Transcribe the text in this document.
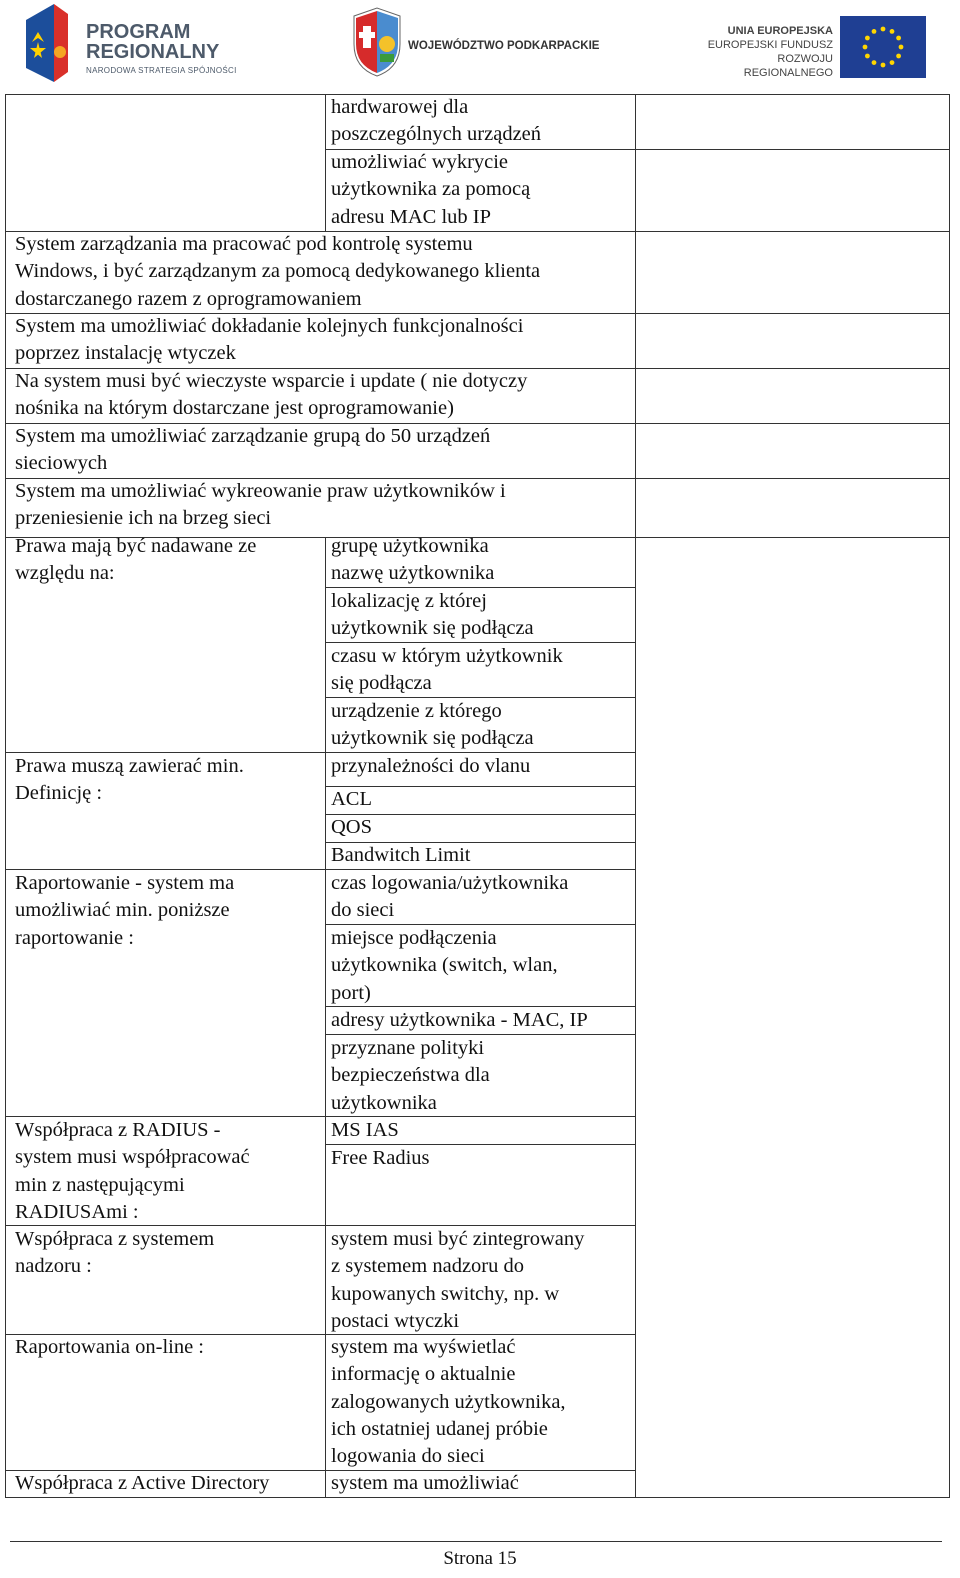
PROGRAM
REGIONALNY
NARODOWA STRATEGIA SPÓJNOŚCI
WOJEWÓDZTWO PODKARPACKIE
UNIA EUROPEJSKA
EUROPEJSKI FUNDUSZ
ROZWOJU REGIONALNEGO
hardwarowej dla
poszczególnych urządzeń
umożliwiać wykrycie
użytkownika za pomocą
adresu MAC lub IP
System zarządzania ma pracować pod kontrolę systemu
Windows, i być zarządzanym za pomocą dedykowanego klienta
dostarczanego razem z oprogramowaniem
System ma umożliwiać dokładanie kolejnych funkcjonalności
poprzez instalację wtyczek
Na system musi być wieczyste wsparcie i update ( nie dotyczy
nośnika na którym dostarczane jest oprogramowanie)
System ma umożliwiać zarządzanie grupą do 50 urządzeń
sieciowych
System ma umożliwiać wykreowanie praw użytkowników i
przeniesienie ich na brzeg sieci
Prawa mają być nadawane ze
względu na:
grupę użytkownika
nazwę użytkownika
lokalizację z której
użytkownik się podłącza
czasu w którym użytkownik
się podłącza
urządzenie z którego
użytkownik się podłącza
Prawa muszą zawierać min.
Definicję :
przynależności do vlanu
ACL
QOS
Bandwitch Limit
Raportowanie - system ma
umożliwiać min. poniższe
raportowanie :
czas logowania/użytkownika
do sieci
miejsce podłączenia
użytkownika (switch, wlan,
port)
adresy użytkownika - MAC, IP
przyznane polityki
bezpieczeństwa dla
użytkownika
Współpraca z RADIUS -
system musi współpracować
min z następującymi
RADIUSAmi :
MS IAS
Free Radius
Współpraca z systemem
nadzoru :
system musi być zintegrowany
z systemem nadzoru do
kupowanych switchy, np. w
postaci wtyczki
Raportowania on-line :	system ma wyświetlać
informację o aktualnie
zalogowanych użytkownika,
ich ostatniej udanej próbie
logowania do sieci
Współpraca z Active Directory	system ma umożliwiać
Strona 15
